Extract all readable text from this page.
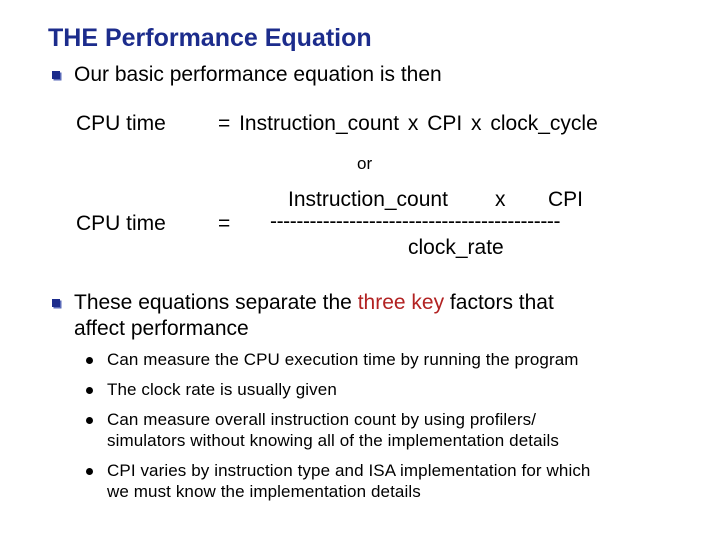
THE Performance Equation
Our basic performance equation is then
CPU time = Instruction_count x CPI x clock_cycle
or
CPU time =
Instruction_count x CPI
--------------------------------------------
clock_rate
These equations separate the three key factors that
affect performance
Can measure the CPU execution time by running the program
The clock rate is usually given
Can measure overall instruction count by using profilers/
simulators without knowing all of the implementation details
CPI varies by instruction type and ISA implementation for which
we must know the implementation details
